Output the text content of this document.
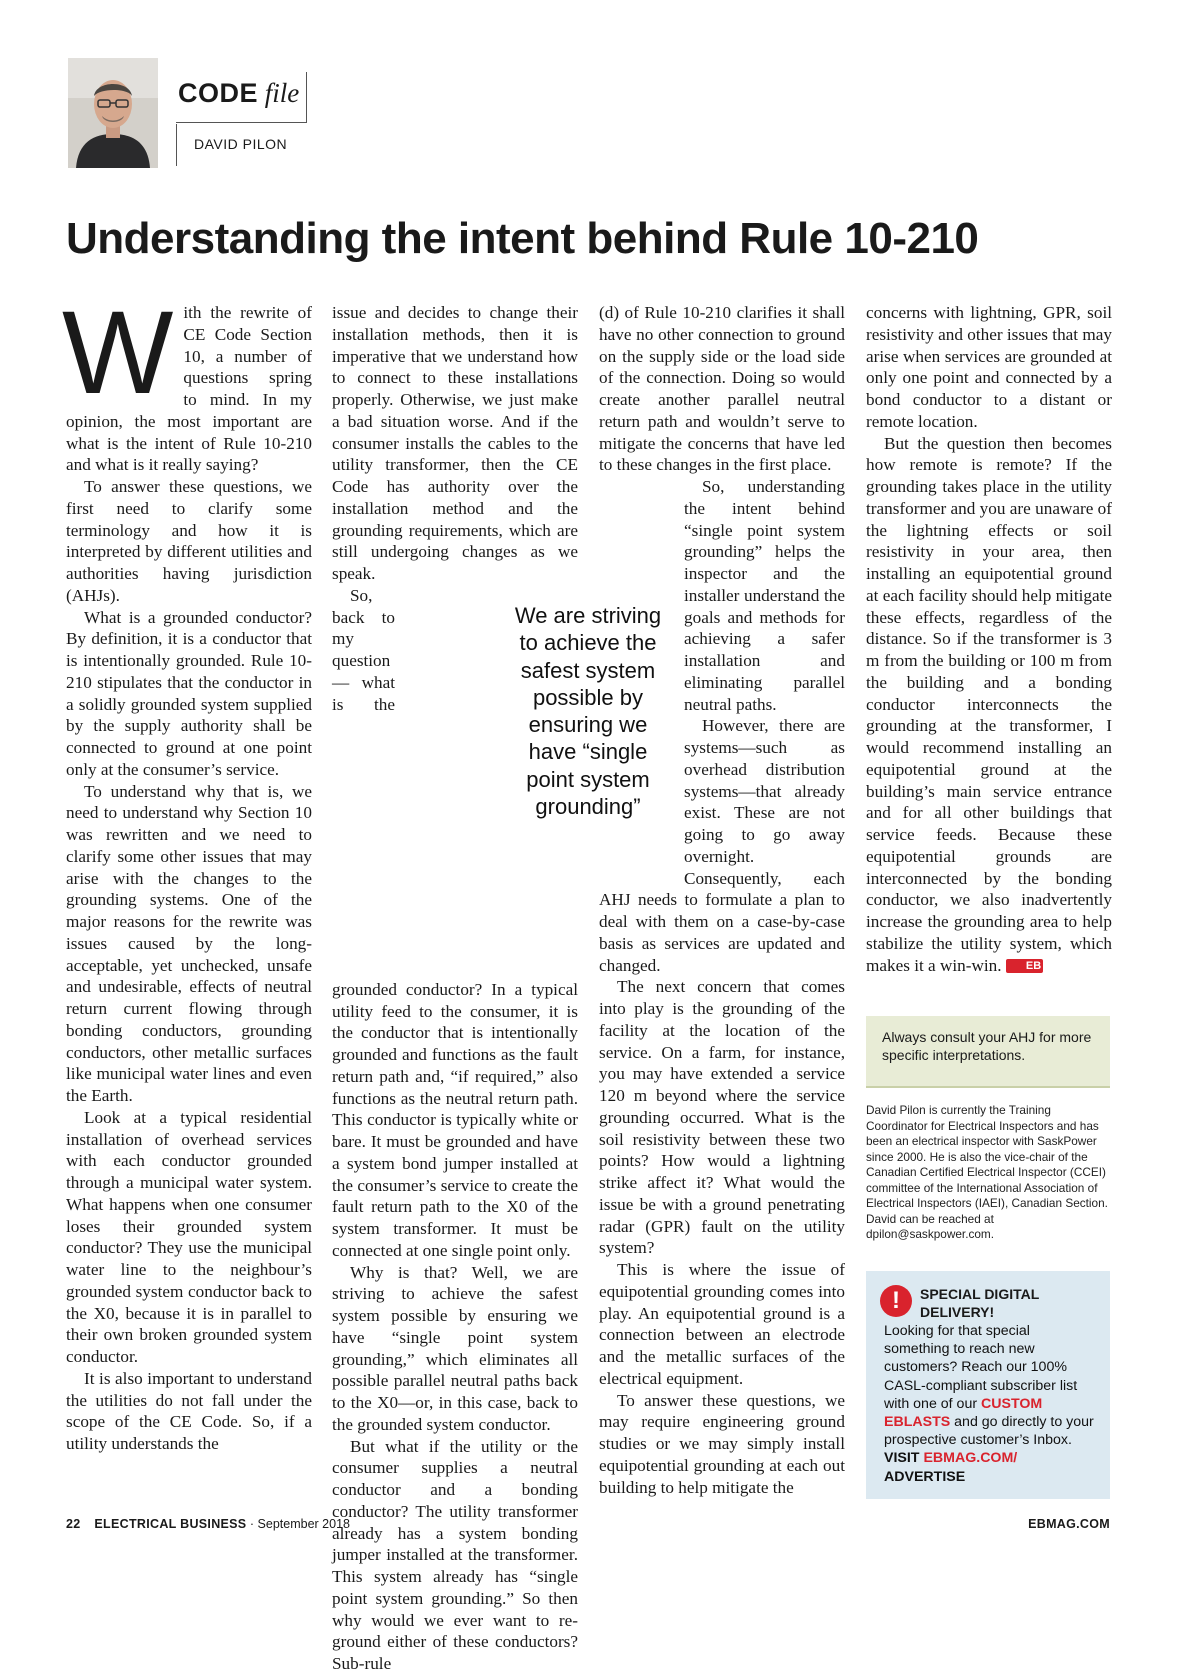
CODE file
DAVID PILON
Understanding the intent behind Rule 10-210

With the rewrite of CE Code Section 10, a number of questions spring to mind. In my opinion, the most important are what is the intent of Rule 10-210 and what is it really saying?

To answer these questions, we first need to clarify some terminology and how it is interpreted by different utilities and authorities having jurisdiction (AHJs).

What is a grounded conductor? By definition, it is a conductor that is intentionally grounded. Rule 10-210 stipulates that the conductor in a solidly grounded system supplied by the supply authority shall be connected to ground at one point only at the consumer’s service.

To understand why that is, we need to understand why Section 10 was rewritten and we need to clarify some other issues that may arise with the changes to the grounding systems. One of the major reasons for the rewrite was issues caused by the long-acceptable, yet unchecked, unsafe and undesirable, effects of neutral return current flowing through bonding conductors, grounding conductors, other metallic surfaces like municipal water lines and even the Earth.

Look at a typical residential installation of overhead services with each conductor grounded through a municipal water system. What happens when one consumer loses their grounded system conductor? They use the municipal water line to the neighbour’s grounded system conductor back to the X0, because it is in parallel to their own broken grounded system conductor.

It is also important to understand the utilities do not fall under the scope of the CE Code. So, if a utility understands the

issue and decides to change their installation methods, then it is imperative that we understand how to connect to these installations properly. Otherwise, we just make a bad situation worse. And if the consumer installs the cables to the utility transformer, then the CE Code has authority over the installation method and the grounding requirements, which are still undergoing changes as we speak.

So, back to my question — what is the grounded conductor? In a typical utility feed to the consumer, it is the conductor that is intentionally grounded and functions as the fault return path and, “if required,” also functions as the neutral return path. This conductor is typically white or bare. It must be grounded and have a system bond jumper installed at the consumer’s service to create the fault return path to the X0 of the system transformer. It must be connected at one single point only.

Why is that? Well, we are striving to achieve the safest system possible by ensuring we have “single point system grounding,” which eliminates all possible parallel neutral paths back to the X0—or, in this case, back to the grounded system conductor.

But what if the utility or the consumer supplies a neutral conductor and a bonding conductor? The utility transformer already has a system bonding jumper installed at the transformer. This system already has “single point system grounding.” So then why would we ever want to re-ground either of these conductors? Sub-rule

(d) of Rule 10-210 clarifies it shall have no other connection to ground on the supply side or the load side of the connection. Doing so would create another parallel neutral return path and wouldn’t serve to mitigate the concerns that have led to these changes in the first place.

So, understanding the intent behind “single point system grounding” helps the inspector and the installer understand the goals and methods for achieving a safer installation and eliminating parallel neutral paths.

However, there are systems—such as overhead distribution systems—that already exist. These are not going to go away overnight. Consequently, each AHJ needs to formulate a plan to deal with them on a case-by-case basis as services are updated and changed.

The next concern that comes into play is the grounding of the facility at the location of the service. On a farm, for instance, you may have extended a service 120 m beyond where the service grounding occurred. What is the soil resistivity between these two points? How would a lightning strike affect it? What would the issue be with a ground penetrating radar (GPR) fault on the utility system?

This is where the issue of equipotential grounding comes into play. An equipotential ground is a connection between an electrode and the metallic surfaces of the electrical equipment.

To answer these questions, we may require engineering ground studies or we may simply install equipotential grounding at each out building to help mitigate the

We are striving to achieve the safest system possible by ensuring we have “single point system grounding”

concerns with lightning, GPR, soil resistivity and other issues that may arise when services are grounded at only one point and connected by a bond conductor to a distant or remote location.

But the question then becomes how remote is remote? If the grounding takes place in the utility transformer and you are unaware of the lightning effects or soil resistivity in your area, then installing an equipotential ground at each facility should help mitigate these effects, regardless of the distance. So if the transformer is 3 m from the building or 100 m from the building and a bonding conductor interconnects the grounding at the transformer, I would recommend installing an equipotential ground at the building’s main service entrance and for all other buildings that service feeds. Because these equipotential grounds are interconnected by the bonding conductor, we also inadvertently increase the grounding area to help stabilize the utility system, which makes it a win-win. EB

Always consult your AHJ for more specific interpretations.
David Pilon is currently the Training Coordinator for Electrical Inspectors and has been an electrical inspector with SaskPower since 2000. He is also the vice-chair of the Canadian Certified Electrical Inspector (CCEI) committee of the International Association of Electrical Inspectors (IAEI), Canadian Section. David can be reached at dpilon@saskpower.com.
!	SPECIAL DIGITAL DELIVERY!
Looking for that special something to reach new customers? Reach our 100% CASL-compliant subscriber list with one of our CUSTOM EBLASTS and go directly to your prospective customer’s Inbox. VISIT EBMAG.COM/
ADVERTISE
22 ELECTRICAL BUSINESS · September 2018	EBMAG.COM
